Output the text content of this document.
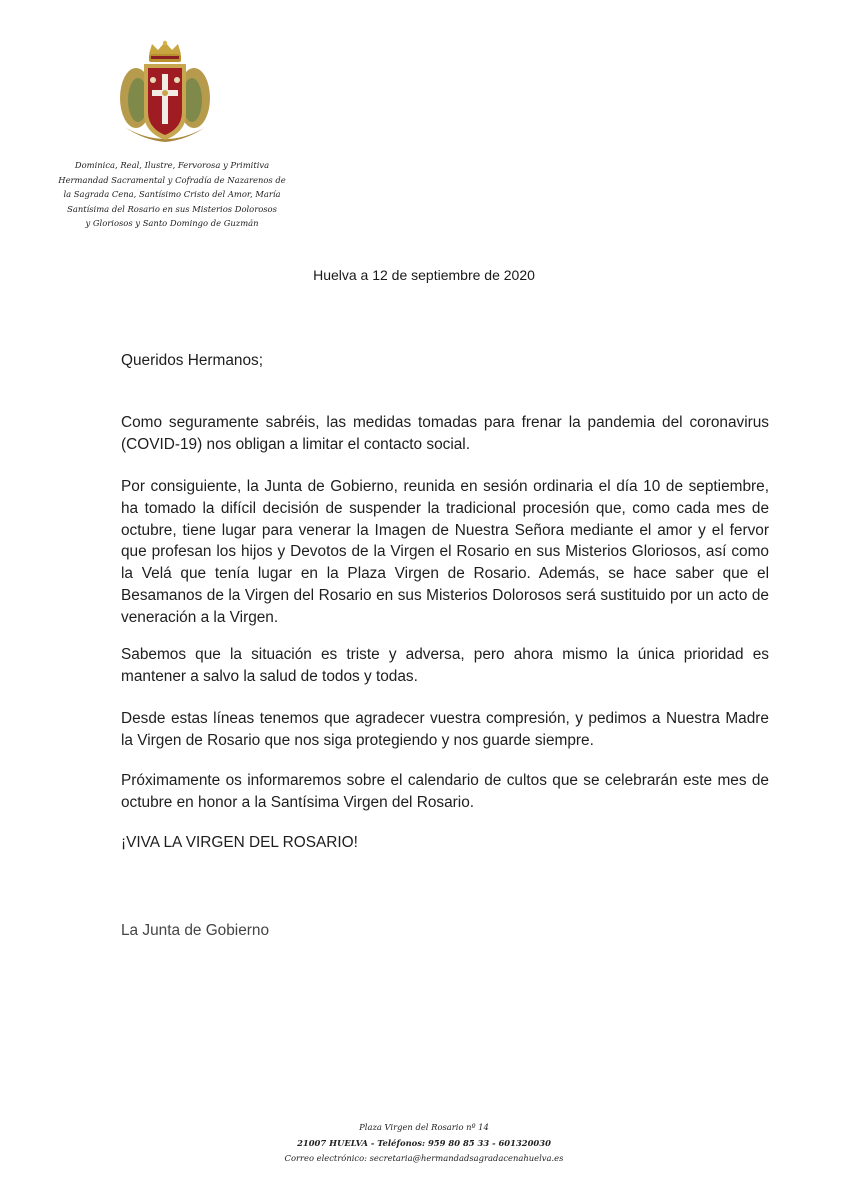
Dominica, Real, Ilustre, Fervorosa y Primitiva
Hermandad Sacramental y Cofradía de Nazarenos de
la Sagrada Cena, Santísimo Cristo del Amor, María
Santísima del Rosario en sus Misterios Dolorosos
y Gloriosos y Santo Domingo de Guzmán

Huelva a 12 de septiembre de 2020

Queridos Hermanos;

Como seguramente sabréis, las medidas tomadas para frenar la pandemia del coronavirus (COVID-19) nos obligan a limitar el contacto social.

Por consiguiente, la Junta de Gobierno, reunida en sesión ordinaria el día 10 de septiembre, ha tomado la difícil decisión de suspender la tradicional procesión que, como cada mes de octubre, tiene lugar para venerar la Imagen de Nuestra Señora mediante el amor y el fervor que profesan los hijos y Devotos de la Virgen el Rosario en sus Misterios Gloriosos, así como la Velá que tenía lugar en la Plaza Virgen de Rosario. Además, se hace saber que el Besamanos de la Virgen del Rosario en sus Misterios Dolorosos será sustituido por un acto de veneración a la Virgen.

Sabemos que la situación es triste y adversa, pero ahora mismo la única prioridad es mantener a salvo la salud de todos y todas.

Desde estas líneas tenemos que agradecer vuestra compresión, y pedimos a Nuestra Madre la Virgen de Rosario que nos siga protegiendo y nos guarde siempre.

Próximamente os informaremos sobre el calendario de cultos que se celebrarán este mes de octubre en honor a la Santísima Virgen del Rosario.

¡VIVA LA VIRGEN DEL ROSARIO!

La Junta de Gobierno

Plaza Virgen del Rosario nº 14
21007 HUELVA - Teléfonos: 959 80 85 33 - 601320030
Correo electrónico: secretaria@hermandadsagradacenahuelva.es
